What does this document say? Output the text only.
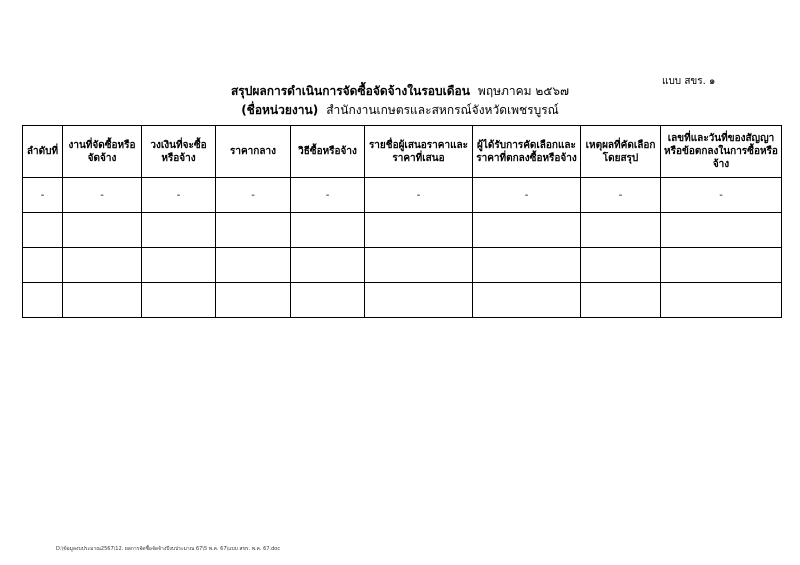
แบบ สขร. ๑
สรุปผลการดำเนินการจัดซื้อจัดจ้างในรอบเดือน พฤษภาคม ๒๕๖๗
(ชื่อหน่วยงาน) สำนักงานเกษตรและสหกรณ์จังหวัดเพชรบูรณ์
ลำดับที่	งานที่จัดซื้อหรือจัดจ้าง	วงเงินที่จะซื้อหรือจ้าง	ราคากลาง	วิธีซื้อหรือจ้าง	รายชื่อผู้เสนอราคาและราคาที่เสนอ	ผู้ได้รับการคัดเลือกและราคาที่ตกลงซื้อหรือจ้าง	เหตุผลที่คัดเลือกโดยสรุป	เลขที่และวันที่ของสัญญาหรือข้อตกลงในการซื้อหรือจ้าง
-	-	-	-	-	-	-	-	-

D:\ข้อมูลงบประมาณ2567\12. ผลการจัดซื้อจัดจ้างปีงบประมาณ 67\5 พ.ค. 67\แบบ สขร. พ.ค. 67.doc
